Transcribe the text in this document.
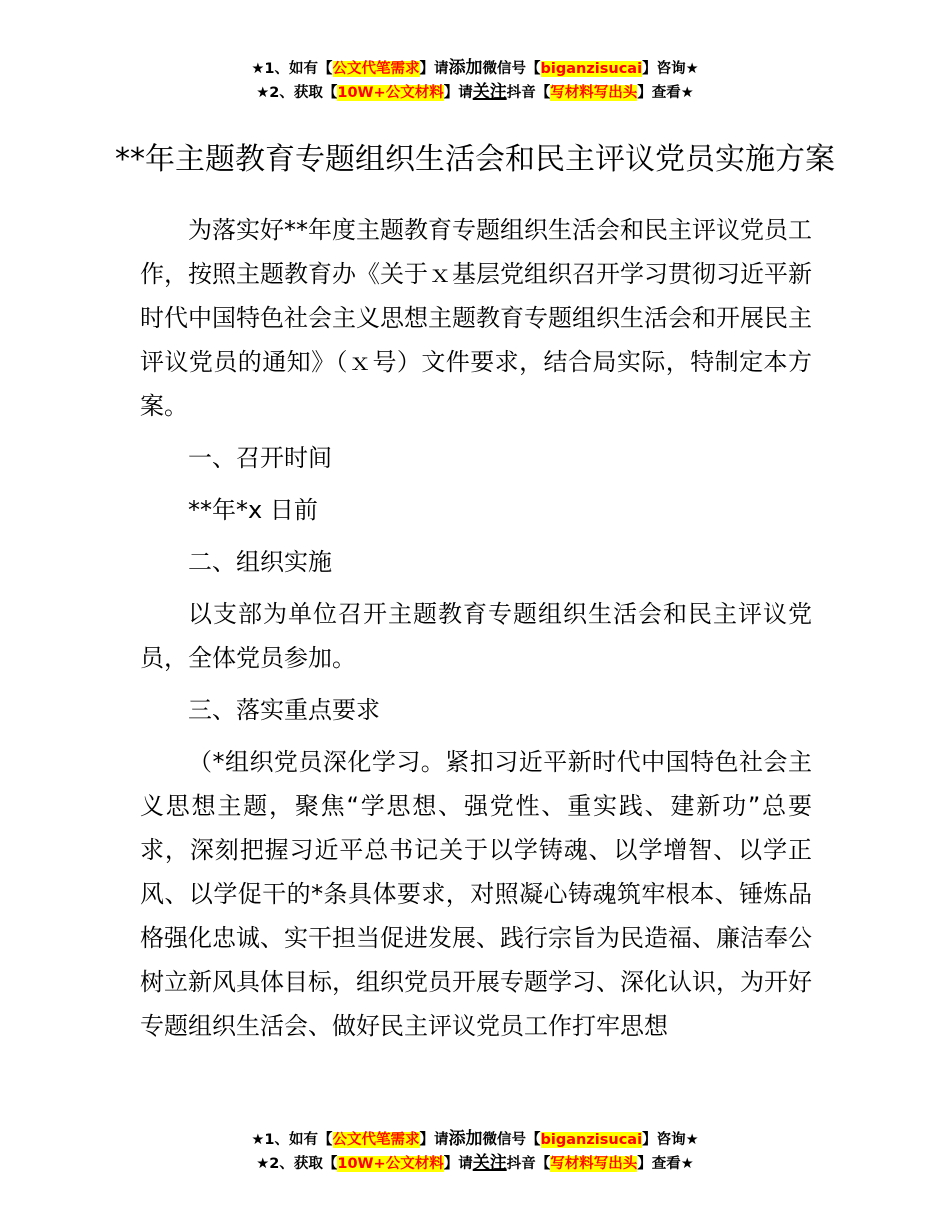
★1、如有【公文代笔需求】请添加微信号【biganzisucai】咨询★
★2、获取【10W+公文材料】请关注抖音【写材料写出头】查看★
**年主题教育专题组织生活会和民主评议党员实施方案

为落实好**年度主题教育专题组织生活会和民主评议党员工作，按照主题教育办《关于ｘ基层党组织召开学习贯彻习近平新时代中国特色社会主义思想主题教育专题组织生活会和开展民主评议党员的通知》（ｘ号）文件要求，结合局实际，特制定本方案。

一、召开时间

**年*x 日前

二、组织实施

以支部为单位召开主题教育专题组织生活会和民主评议党员，全体党员参加。

三、落实重点要求

（*组织党员深化学习。紧扣习近平新时代中国特色社会主义思想主题，聚焦“学思想、强党性、重实践、建新功”总要求，深刻把握习近平总书记关于以学铸魂、以学增智、以学正风、以学促干的*条具体要求，对照凝心铸魂筑牢根本、锤炼品格强化忠诚、实干担当促进发展、践行宗旨为民造福、廉洁奉公树立新风具体目标，组织党员开展专题学习、深化认识，为开好专题组织生活会、做好民主评议党员工作打牢思想

★1、如有【公文代笔需求】请添加微信号【biganzisucai】咨询★
★2、获取【10W+公文材料】请关注抖音【写材料写出头】查看★
